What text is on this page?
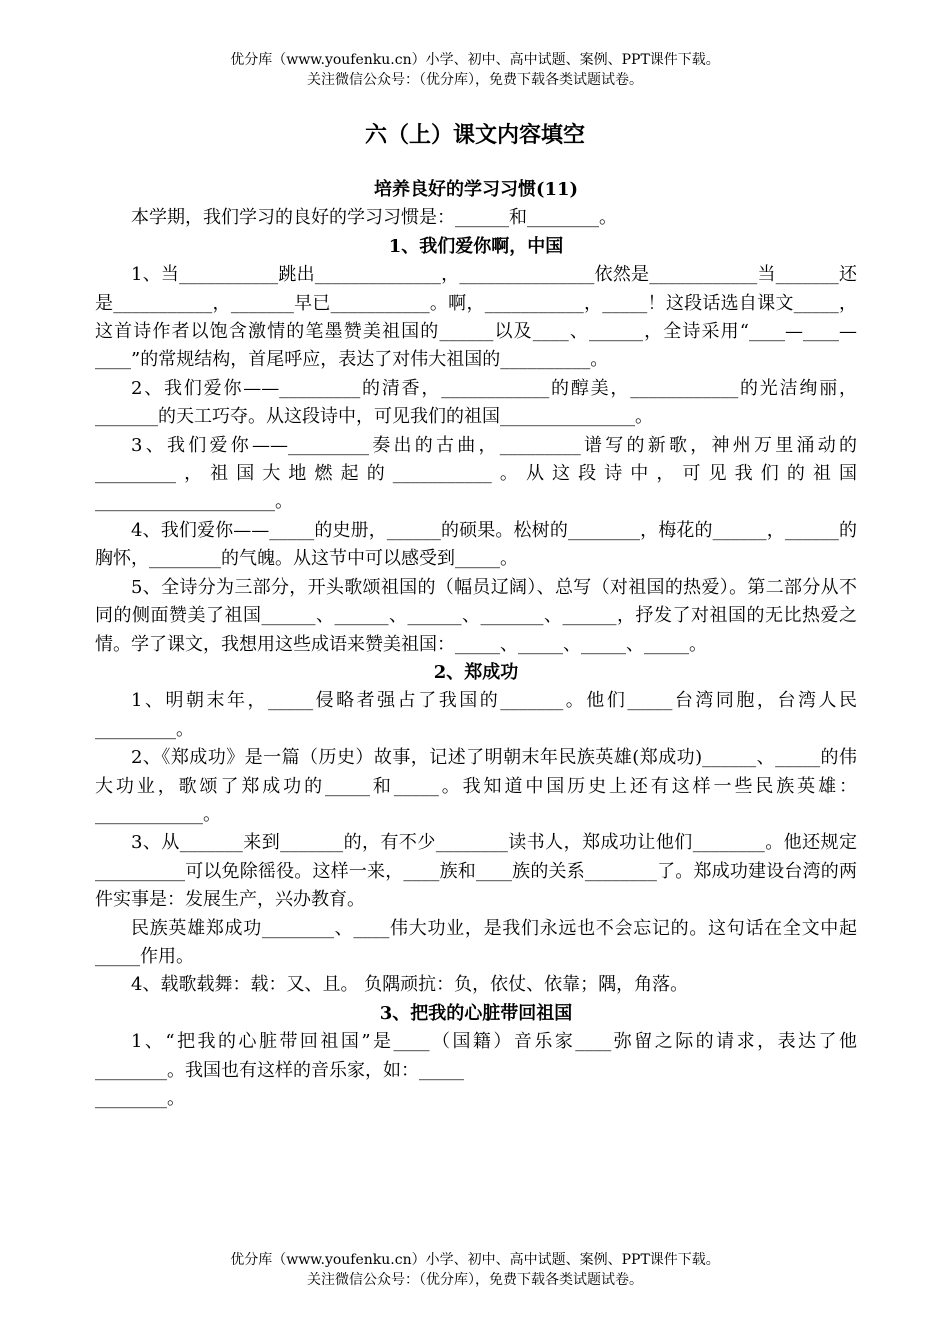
优分库（www.youfenku.cn）小学、初中、高中试题、案例、PPT课件下载。
关注微信公众号：（优分库），免费下载各类试题试卷。
六（上）课文内容填空

培养良好的学习习惯(11)

本学期，我们学习的良好的学习习惯是：______和________。

1、我们爱你啊，中国

1、当___________跳出______________，_______________依然是____________当_______还是___________，_______早已___________。啊，___________，_____！这段话选自课文_____，这首诗作者以饱含激情的笔墨赞美祖国的______以及____、______，全诗采用“____—____—____”的常规结构，首尾呼应，表达了对伟大祖国的__________。

2、我们爱你——_________的清香，____________的醇美，____________的光洁绚丽，_______的天工巧夺。从这段诗中，可见我们的祖国_______________。

3、我们爱你——_________奏出的古曲，_________谱写的新歌，神州万里涌动的_________，祖国大地燃起的___________。从这段诗中，可见我们的祖国____________________。

4、我们爱你——_____的史册，______的硕果。松树的________，梅花的______，______的胸怀，________的气魄。从这节中可以感受到_____。

5、全诗分为三部分，开头歌颂祖国的（幅员辽阔）、总写（对祖国的热爱）。第二部分从不同的侧面赞美了祖国______、______、______、_______、______，抒发了对祖国的无比热爱之情。学了课文，我想用这些成语来赞美祖国：_____、_____、_____、_____。

2、郑成功

1、明朝末年，_____侵略者强占了我国的_______。他们_____台湾同胞，台湾人民_________。

2、《郑成功》是一篇（历史）故事，记述了明朝末年民族英雄(郑成功)______、_____的伟大功业，歌颂了郑成功的_____和_____。我知道中国历史上还有这样一些民族英雄：____________。

3、从_______来到_______的，有不少________读书人，郑成功让他们________。他还规定__________可以免除徭役。这样一来，____族和____族的关系________了。郑成功建设台湾的两件实事是：发展生产，兴办教育。

民族英雄郑成功________、____伟大功业，是我们永远也不会忘记的。这句话在全文中起_____作用。

4、载歌载舞：载：又、且。 负隅顽抗：负，依仗、依靠；隅，角落。

3、把我的心脏带回祖国

1、“把我的心脏带回祖国”是____（国籍）音乐家____弥留之际的请求，表达了他________。我国也有这样的音乐家，如：_____

________。

优分库（www.youfenku.cn）小学、初中、高中试题、案例、PPT课件下载。
关注微信公众号：（优分库），免费下载各类试题试卷。
